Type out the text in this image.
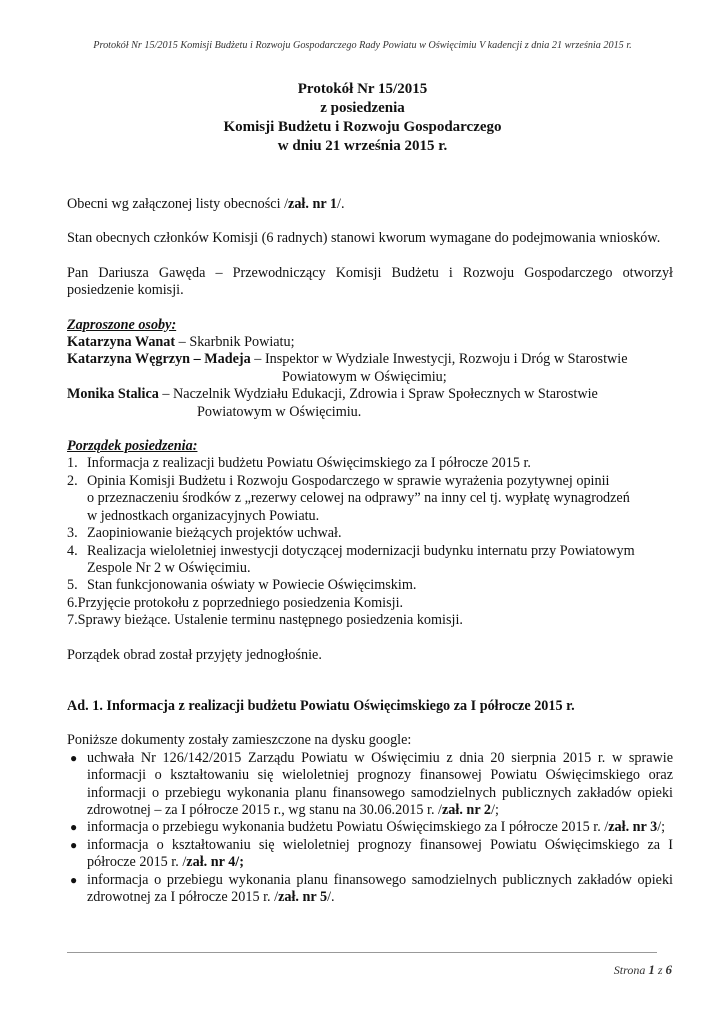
Protokół Nr 15/2015 Komisji Budżetu i Rozwoju Gospodarczego Rady Powiatu w Oświęcimiu V kadencji z dnia 21 września 2015 r.
Protokół Nr 15/2015
z posiedzenia
Komisji Budżetu i Rozwoju Gospodarczego
w dniu 21 września 2015 r.

Obecni wg załączonej listy obecności /zał. nr 1/.

Stan obecnych członków Komisji (6 radnych) stanowi kworum wymagane do podejmowania wniosków.

Pan Dariusza Gawęda – Przewodniczący Komisji Budżetu i Rozwoju Gospodarczego otworzył posiedzenie komisji.

Zaproszone osoby:
Katarzyna Wanat – Skarbnik Powiatu;
Katarzyna Węgrzyn – Madeja – Inspektor w Wydziale Inwestycji, Rozwoju i Dróg w Starostwie
Powiatowym w Oświęcimiu;
Monika Stalica – Naczelnik Wydziału Edukacji, Zdrowia i Spraw Społecznych w Starostwie
Powiatowym w Oświęcimiu.
Porządek posiedzenia:
1. Informacja z realizacji budżetu Powiatu Oświęcimskiego za I półrocze 2015 r.
2. Opinia Komisji Budżetu i Rozwoju Gospodarczego w sprawie wyrażenia pozytywnej opinii
o przeznaczeniu środków z „rezerwy celowej na odprawy” na inny cel tj. wypłatę wynagrodzeń
w jednostkach organizacyjnych Powiatu.
3. Zaopiniowanie bieżących projektów uchwał.
4. Realizacja wieloletniej inwestycji dotyczącej modernizacji budynku internatu przy Powiatowym
Zespole Nr 2 w Oświęcimiu.
5. Stan funkcjonowania oświaty w Powiecie Oświęcimskim.
6.Przyjęcie protokołu z poprzedniego posiedzenia Komisji.
7.Sprawy bieżące. Ustalenie terminu następnego posiedzenia komisji.

Porządek obrad został przyjęty jednogłośnie.

Ad. 1. Informacja z realizacji budżetu Powiatu Oświęcimskiego za I półrocze 2015 r.
Poniższe dokumenty zostały zamieszczone na dysku google:
● uchwała Nr 126/142/2015 Zarządu Powiatu w Oświęcimiu z dnia 20 sierpnia 2015 r. w sprawie informacji o kształtowaniu się wieloletniej prognozy finansowej Powiatu Oświęcimskiego oraz informacji o przebiegu wykonania planu finansowego samodzielnych publicznych zakładów opieki zdrowotnej – za I półrocze 2015 r., wg stanu na 30.06.2015 r. /zał. nr 2/;
● informacja o przebiegu wykonania budżetu Powiatu Oświęcimskiego za I półrocze 2015 r. /zał. nr 3/;
● informacja o kształtowaniu się wieloletniej prognozy finansowej Powiatu Oświęcimskiego za I półrocze 2015 r. /zał. nr 4/;
● informacja o przebiegu wykonania planu finansowego samodzielnych publicznych zakładów opieki zdrowotnej za I półrocze 2015 r. /zał. nr 5/.
Strona 1 z 6
